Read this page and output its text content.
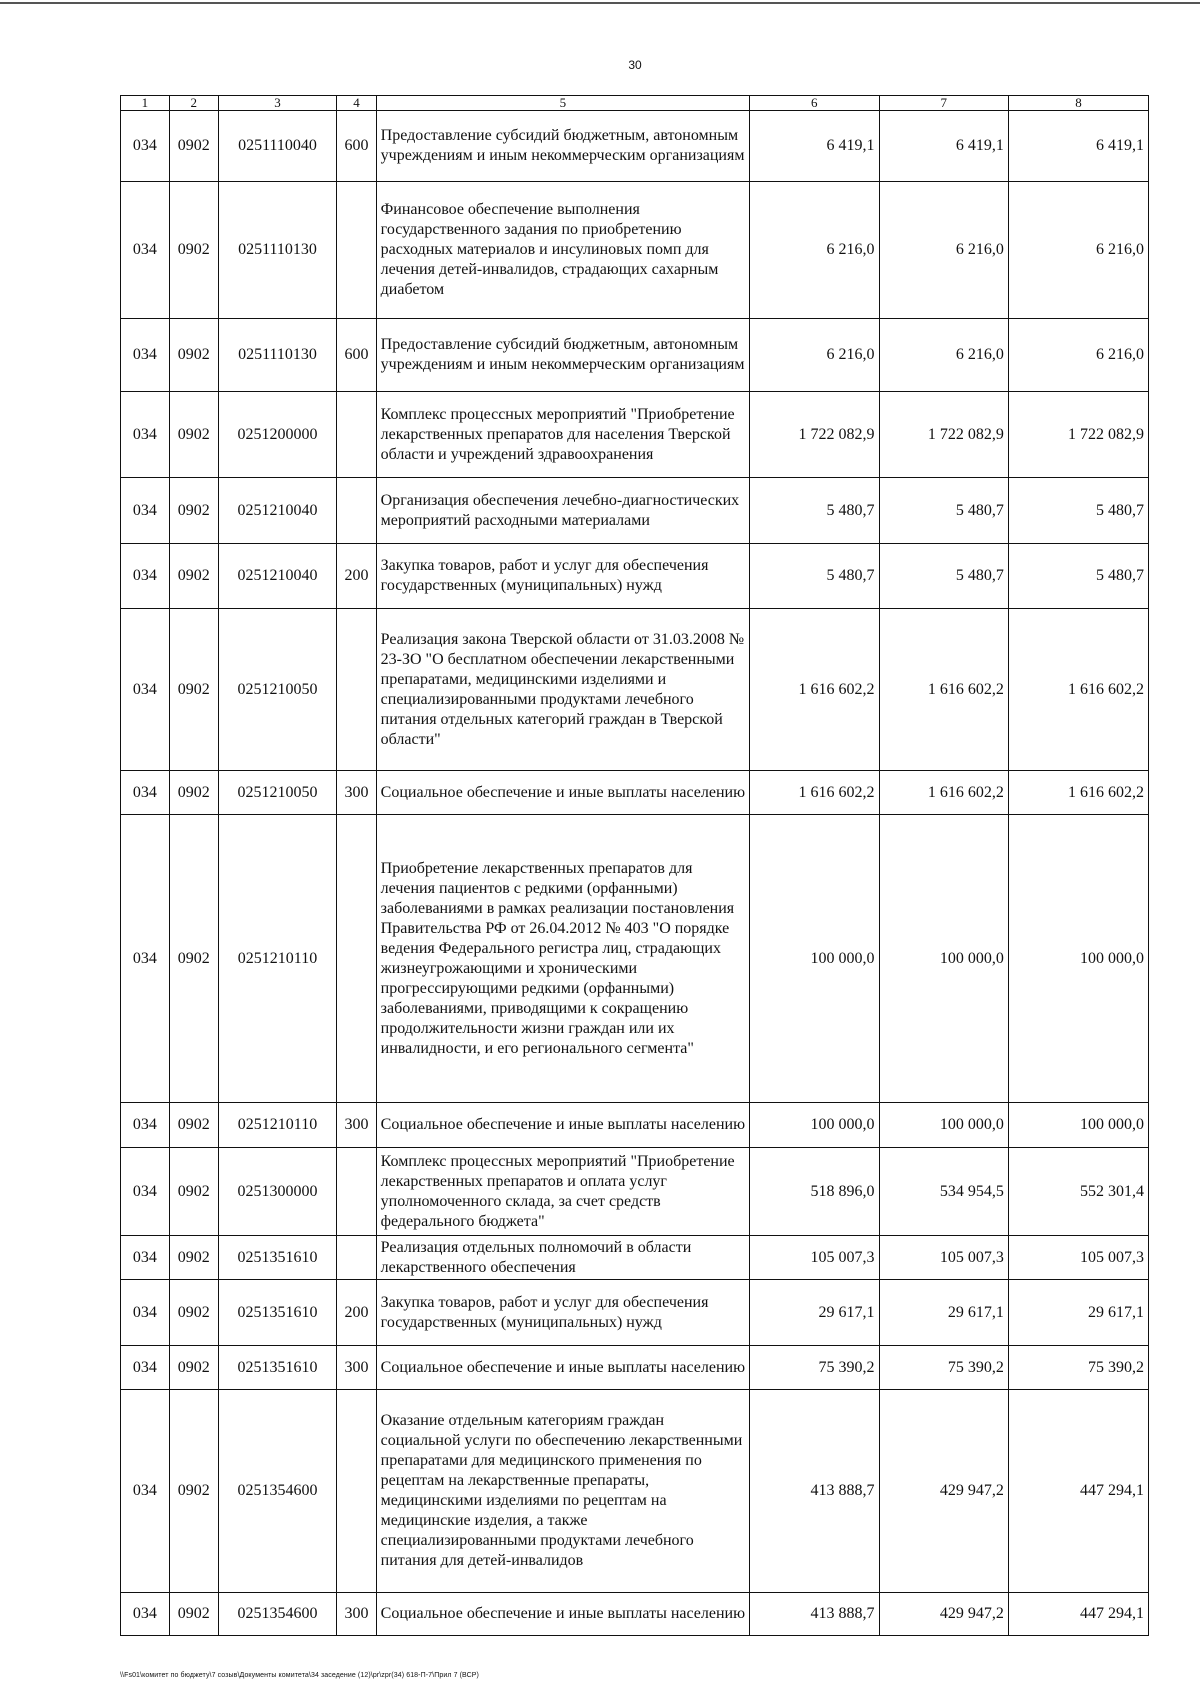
30
1	2	3	4	5	6	7	8
034	0902	0251110040	600	Предоставление субсидий бюджетным, автономным учреждениям и иным некоммерческим организациям	6 419,1	6 419,1	6 419,1
034	0902	0251110130		Финансовое обеспечение выполнения государственного задания по приобретению расходных материалов и инсулиновых помп для лечения детей-инвалидов, страдающих сахарным диабетом	6 216,0	6 216,0	6 216,0
034	0902	0251110130	600	Предоставление субсидий бюджетным, автономным учреждениям и иным некоммерческим организациям	6 216,0	6 216,0	6 216,0
034	0902	0251200000		Комплекс процессных мероприятий "Приобретение лекарственных препаратов для населения Тверской области и учреждений здравоохранения	1 722 082,9	1 722 082,9	1 722 082,9
034	0902	0251210040		Организация обеспечения лечебно-диагностических мероприятий расходными материалами	5 480,7	5 480,7	5 480,7
034	0902	0251210040	200	Закупка товаров, работ и услуг для обеспечения государственных (муниципальных) нужд	5 480,7	5 480,7	5 480,7
034	0902	0251210050		Реализация закона Тверской области от 31.03.2008 № 23-ЗО "О бесплатном обеспечении лекарственными препаратами, медицинскими изделиями и специализированными продуктами лечебного питания отдельных категорий граждан в Тверской области"	1 616 602,2	1 616 602,2	1 616 602,2
034	0902	0251210050	300	Социальное обеспечение и иные выплаты населению	1 616 602,2	1 616 602,2	1 616 602,2
034	0902	0251210110		Приобретение лекарственных препаратов для лечения пациентов с редкими (орфанными) заболеваниями в рамках реализации постановления Правительства РФ от 26.04.2012 № 403 "О порядке ведения Федерального регистра лиц, страдающих жизнеугрожающими и хроническими прогрессирующими редкими (орфанными) заболеваниями, приводящими к сокращению продолжительности жизни граждан или их инвалидности, и его регионального сегмента"	100 000,0	100 000,0	100 000,0
034	0902	0251210110	300	Социальное обеспечение и иные выплаты населению	100 000,0	100 000,0	100 000,0
034	0902	0251300000		Комплекс процессных мероприятий "Приобретение лекарственных препаратов и оплата услуг уполномоченного склада, за счет средств федерального бюджета"	518 896,0	534 954,5	552 301,4
034	0902	0251351610		Реализация отдельных полномочий в области лекарственного обеспечения	105 007,3	105 007,3	105 007,3
034	0902	0251351610	200	Закупка товаров, работ и услуг для обеспечения государственных (муниципальных) нужд	29 617,1	29 617,1	29 617,1
034	0902	0251351610	300	Социальное обеспечение и иные выплаты населению	75 390,2	75 390,2	75 390,2
034	0902	0251354600		Оказание отдельным категориям граждан социальной услуги по обеспечению лекарственными препаратами для медицинского применения по рецептам на лекарственные препараты, медицинскими изделиями по рецептам на медицинские изделия, а также специализированными продуктами лечебного питания для детей-инвалидов	413 888,7	429 947,2	447 294,1
034	0902	0251354600	300	Социальное обеспечение и иные выплаты населению	413 888,7	429 947,2	447 294,1
\\Fs01\комитет по бюджету\7 созыв\Документы комитета\34 заседение (12)\pr\zpr(34) 618-П-7\Прил 7 (ВСР)
